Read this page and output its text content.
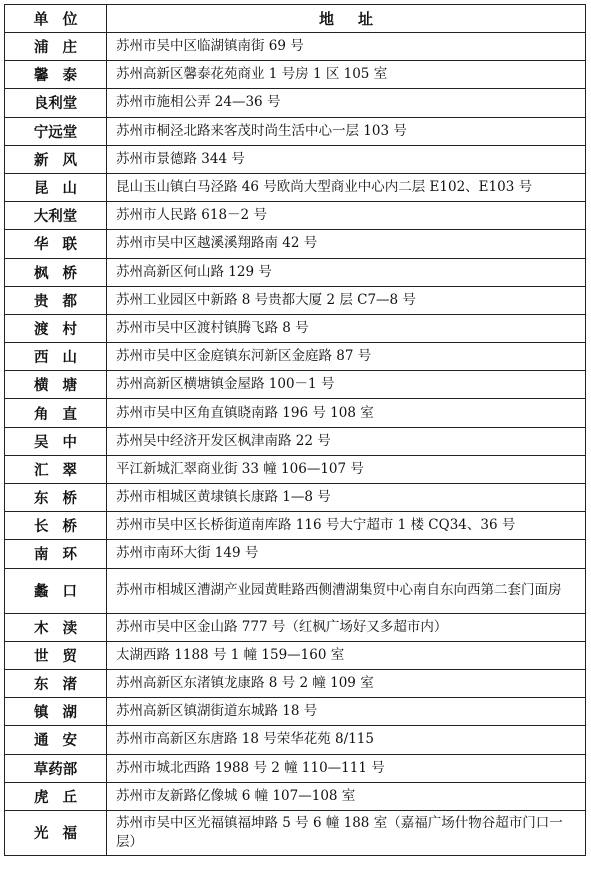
单位	地址
浦庄	苏州市吴中区临湖镇南街 69 号
馨泰	苏州高新区馨泰花苑商业 1 号房 1 区 105 室
良利堂	苏州市施相公弄 24—36 号
宁远堂	苏州市桐泾北路来客茂时尚生活中心一层 103 号
新风	苏州市景德路 344 号
昆山	昆山玉山镇白马泾路 46 号欧尚大型商业中心内二层 E102、E103 号
大利堂	苏州市人民路 618－2 号
华联	苏州市吴中区越溪溪翔路南 42 号
枫桥	苏州高新区何山路 129 号
贵都	苏州工业园区中新路 8 号贵都大厦 2 层 C7—8 号
渡村	苏州市吴中区渡村镇腾飞路 8 号
西山	苏州市吴中区金庭镇东河新区金庭路 87 号
横塘	苏州高新区横塘镇金屋路 100－1 号
角直	苏州市吴中区角直镇晓南路 196 号 108 室
吴中	苏州吴中经济开发区枫津南路 22 号
汇翠	平江新城汇翠商业街 33 幢 106—107 号
东桥	苏州市相城区黄埭镇长康路 1—8 号
长桥	苏州市吴中区长桥街道南库路 116 号大宁超市 1 楼 CQ34、36 号
南环	苏州市南环大街 149 号
蠡口	苏州市相城区漕湖产业园黄畦路西侧漕湖集贸中心南自东向西第二套门面房
木渎	苏州市吴中区金山路 777 号（红枫广场好又多超市内）
世贸	太湖西路 1188 号 1 幢 159—160 室
东渚	苏州高新区东渚镇龙康路 8 号 2 幢 109 室
镇湖	苏州高新区镇湖街道东城路 18 号
通安	苏州市高新区东唐路 18 号荣华花苑 8/115
草药部	苏州市城北西路 1988 号 2 幢 110—111 号
虎丘	苏州市友新路亿像城 6 幢 107—108 室
光福	苏州市吴中区光福镇福坤路 5 号 6 幢 188 室（嘉福广场什物谷超市门口一层）
